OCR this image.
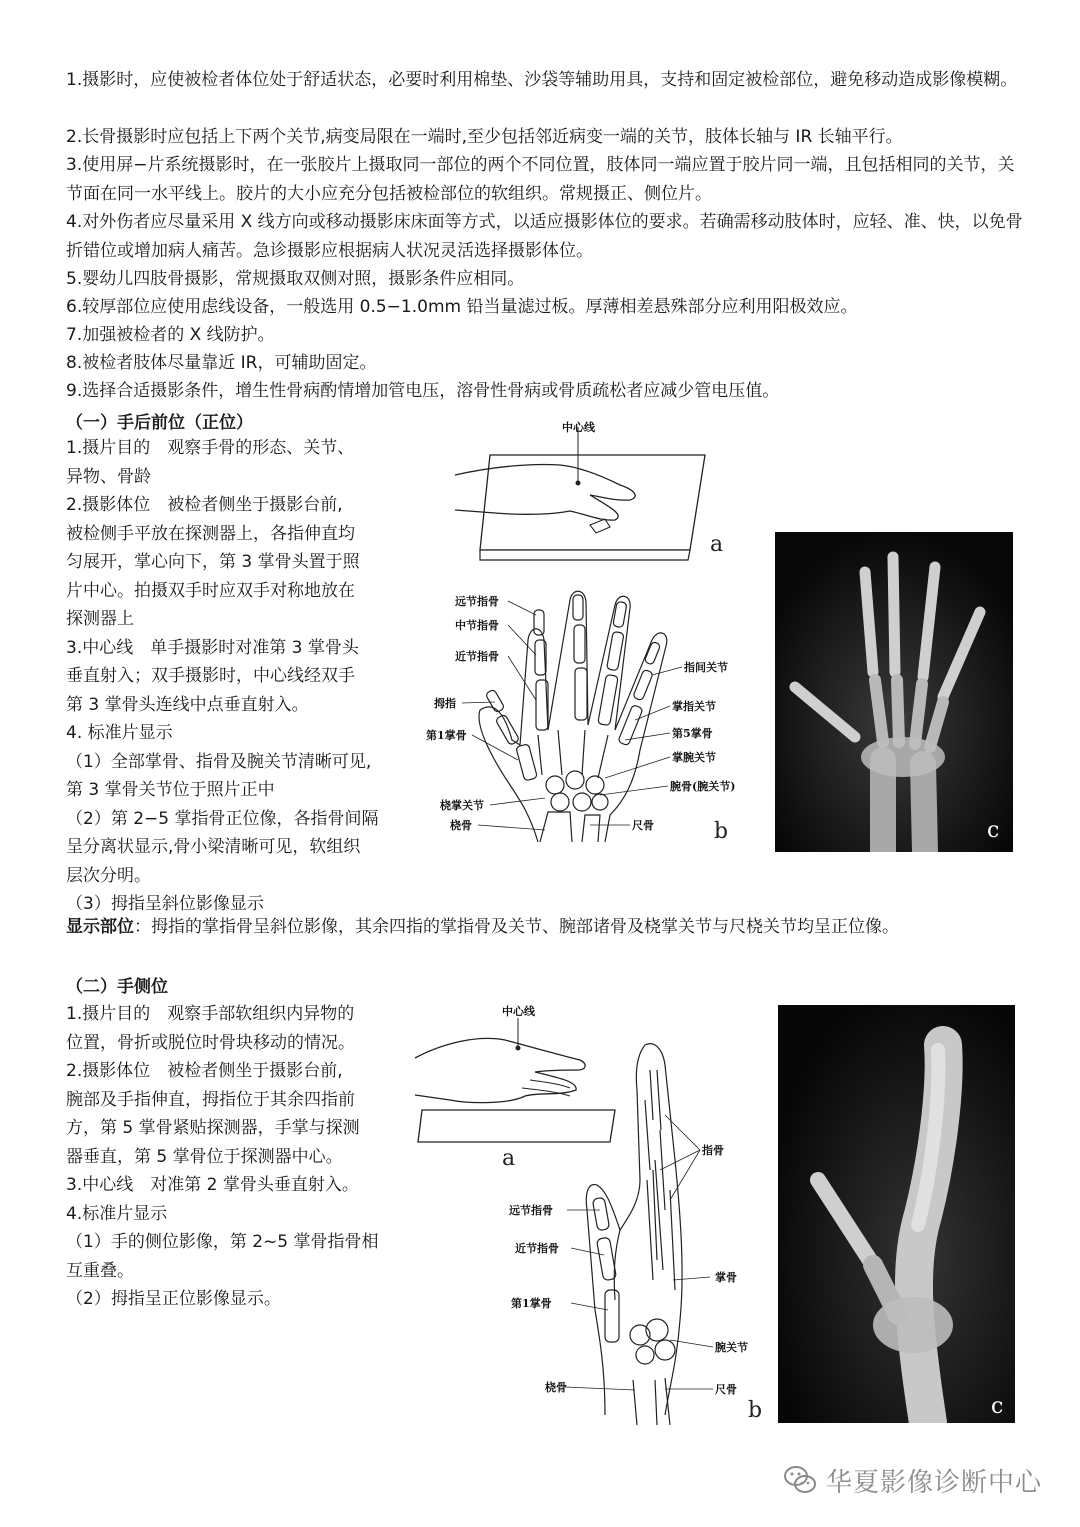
1.摄影时，应使被检者体位处于舒适状态，必要时利用棉垫、沙袋等辅助用具，支持和固定被检部位，避免移动造成影像模糊。

2.长骨摄影时应包括上下两个关节,病变局限在一端时,至少包括邻近病变一端的关节，肢体长轴与 IR 长轴平行。

3.使用屏−片系统摄影时，在一张胶片上摄取同一部位的两个不同位置，肢体同一端应置于胶片同一端，且包括相同的关节，关节面在同一水平线上。胶片的大小应充分包括被检部位的软组织。常规摄正、侧位片。

4.对外伤者应尽量采用 X 线方向或移动摄影床床面等方式，以适应摄影体位的要求。若确需移动肢体时，应轻、准、快，以免骨折错位或增加病人痛苦。急诊摄影应根据病人状况灵活选择摄影体位。

5.婴幼儿四肢骨摄影，常规摄取双侧对照，摄影条件应相同。

6.较厚部位应使用虑线设备，一般选用 0.5−1.0mm 铅当量滤过板。厚薄相差悬殊部分应利用阳极效应。

7.加强被检者的 X 线防护。

8.被检者肢体尽量靠近 IR，可辅助固定。

9.选择合适摄影条件，增生性骨病酌情增加管电压，溶骨性骨病或骨质疏松者应减少管电压值。

（一）手后前位（正位）
1.摄片目的　观察手骨的形态、关节、
异物、骨龄
2.摄影体位　被检者侧坐于摄影台前,
被检侧手平放在探测器上，各指伸直均
匀展开，掌心向下，第 3 掌骨头置于照
片中心。拍摄双手时应双手对称地放在
探测器上
3.中心线　单手摄影时对准第 3 掌骨头
垂直射入；双手摄影时，中心线经双手
第 3 掌骨头连线中点垂直射入。
4. 标准片显示
（1）全部掌骨、指骨及腕关节清晰可见,
第 3 掌骨关节位于照片正中
（2）第 2−5 掌指骨正位像，各指骨间隔
呈分离状显示,骨小梁清晰可见，软组织
层次分明。
（3）拇指呈斜位影像显示

显示部位：拇指的掌指骨呈斜位影像，其余四指的掌指骨及关节、腕部诸骨及桡掌关节与尺桡关节均呈正位像。

中心线
a
远节指骨
中节指骨
近节指骨
拇指
第1掌骨
桡掌关节
桡骨
指间关节
掌指关节
第5掌骨
掌腕关节
腕骨(腕关节)
尺骨	b	c
（二）手侧位
1.摄片目的　观察手部软组织内异物的
位置，骨折或脱位时骨块移动的情况。
2.摄影体位　被检者侧坐于摄影台前,
腕部及手指伸直，拇指位于其余四指前
方，第 5 掌骨紧贴探测器，手掌与探测
器垂直，第 5 掌骨位于探测器中心。
3.中心线　对准第 2 掌骨头垂直射入。
4.标准片显示
（1）手的侧位影像，第 2~5 掌骨指骨相
互重叠。
（2）拇指呈正位影像显示。
中心线
a	指骨
远节指骨
近节指骨
掌骨
第1掌骨
腕关节
桡骨	尺骨
b	c
华夏影像诊断中心
